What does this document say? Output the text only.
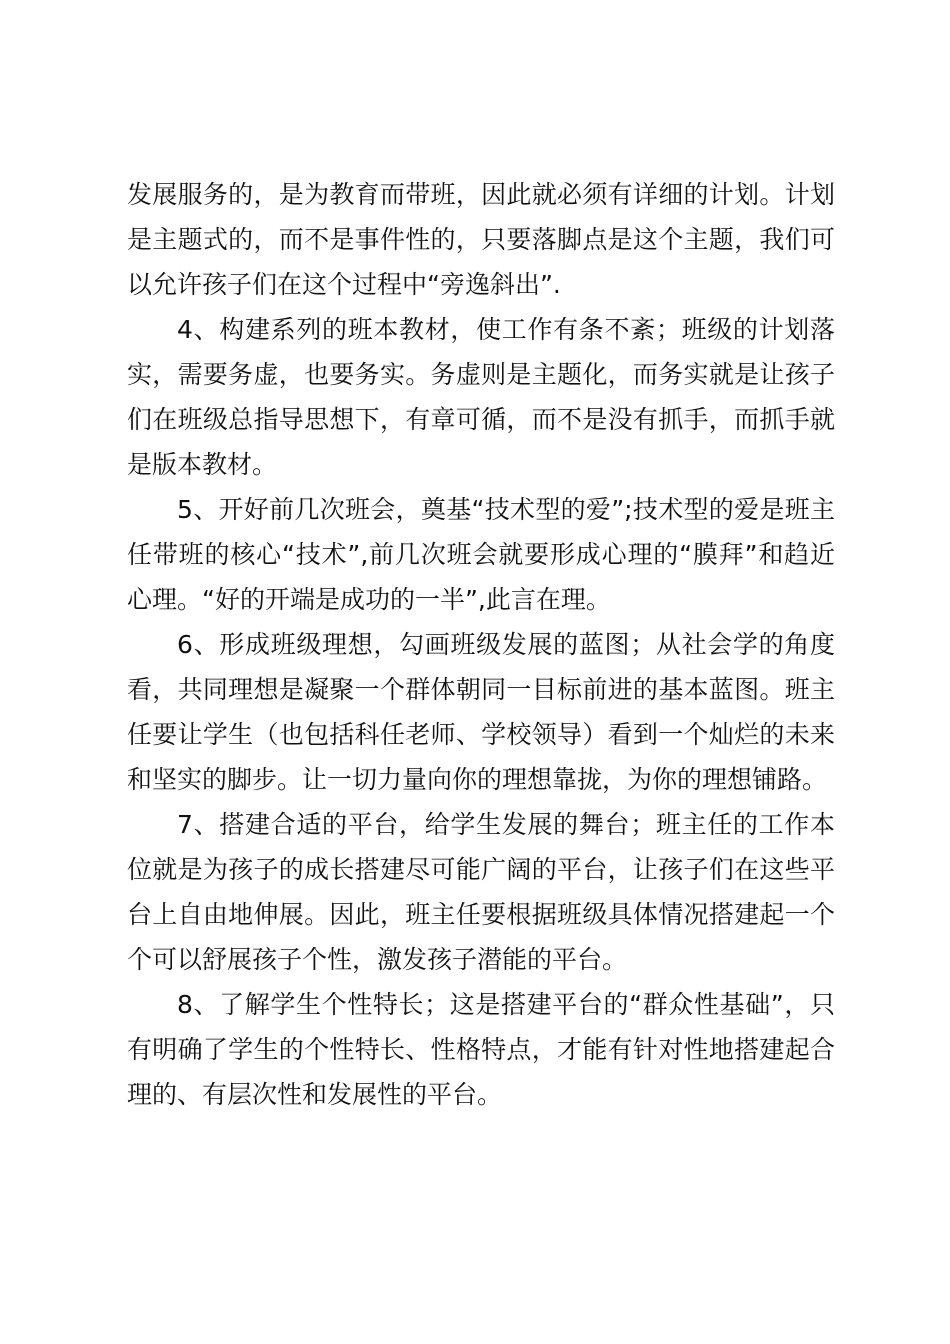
发展服务的，是为教育而带班，因此就必须有详细的计划。计划是主题式的，而不是事件性的，只要落脚点是这个主题，我们可以允许孩子们在这个过程中“旁逸斜出”.

4、构建系列的班本教材，使工作有条不紊；班级的计划落实，需要务虚，也要务实。务虚则是主题化，而务实就是让孩子们在班级总指导思想下，有章可循，而不是没有抓手，而抓手就是版本教材。

5、开好前几次班会，奠基“技术型的爱”;技术型的爱是班主任带班的核心“技术”,前几次班会就要形成心理的“膜拜”和趋近心理。“好的开端是成功的一半”,此言在理。

6、形成班级理想，勾画班级发展的蓝图；从社会学的角度看，共同理想是凝聚一个群体朝同一目标前进的基本蓝图。班主任要让学生（也包括科任老师、学校领导）看到一个灿烂的未来和坚实的脚步。让一切力量向你的理想靠拢，为你的理想铺路。

7、搭建合适的平台，给学生发展的舞台；班主任的工作本位就是为孩子的成长搭建尽可能广阔的平台，让孩子们在这些平台上自由地伸展。因此，班主任要根据班级具体情况搭建起一个个可以舒展孩子个性，激发孩子潜能的平台。

8、了解学生个性特长；这是搭建平台的“群众性基础”，只有明确了学生的个性特长、性格特点，才能有针对性地搭建起合理的、有层次性和发展性的平台。
